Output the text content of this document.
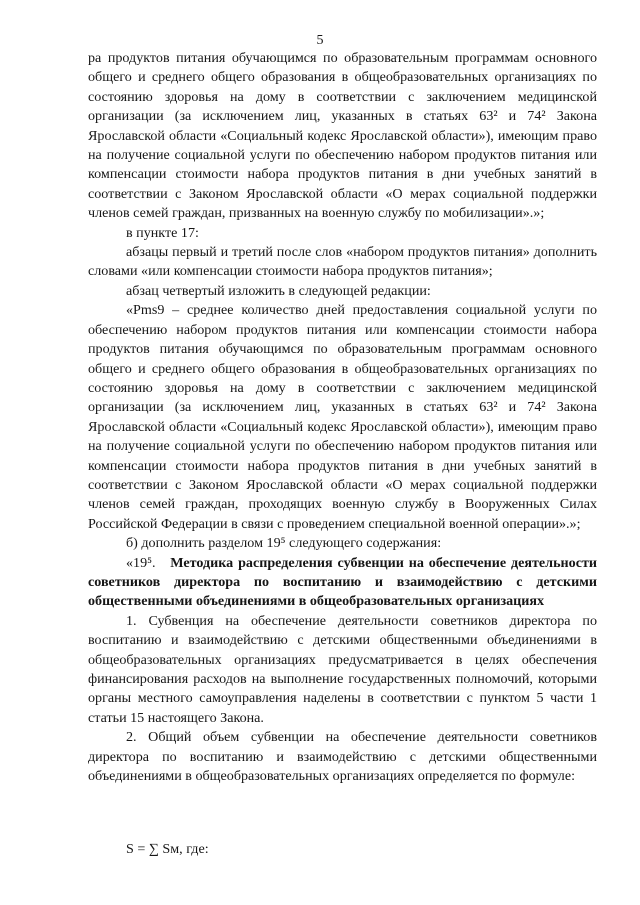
5

ра продуктов питания обучающимся по образовательным программам основного общего и среднего общего образования в общеобразовательных организациях по состоянию здоровья на дому в соответствии с заключением медицинской организации (за исключением лиц, указанных в статьях 63² и 74² Закона Ярославской области «Социальный кодекс Ярославской области»), имеющим право на получение социальной услуги по обеспечению набором продуктов питания или компенсации стоимости набора продуктов питания в дни учебных занятий в соответствии с Законом Ярославской области «О мерах социальной поддержки членов семей граждан, призванных на военную службу по мобилизации».»;

в пункте 17:

абзацы первый и третий после слов «набором продуктов питания» дополнить словами «или компенсации стоимости набора продуктов питания»;

абзац четвертый изложить в следующей редакции:

«Pms9 – среднее количество дней предоставления социальной услуги по обеспечению набором продуктов питания или компенсации стоимости набора продуктов питания обучающимся по образовательным программам основного общего и среднего общего образования в общеобразовательных организациях по состоянию здоровья на дому в соответствии с заключением медицинской организации (за исключением лиц, указанных в статьях 63² и 74² Закона Ярославской области «Социальный кодекс Ярославской области»), имеющим право на получение социальной услуги по обеспечению набором продуктов питания или компенсации стоимости набора продуктов питания в дни учебных занятий в соответствии с Законом Ярославской области «О мерах социальной поддержки членов семей граждан, проходящих военную службу в Вооруженных Силах Российской Федерации в связи с проведением специальной военной операции».»;

б) дополнить разделом 19⁵ следующего содержания:

«19⁵. Методика распределения субвенции на обеспечение деятельности советников директора по воспитанию и взаимодействию с детскими общественными объединениями в общеобразовательных организациях

1. Субвенция на обеспечение деятельности советников директора по воспитанию и взаимодействию с детскими общественными объединениями в общеобразовательных организациях предусматривается в целях обеспечения финансирования расходов на выполнение государственных полномочий, которыми органы местного самоуправления наделены в соответствии с пунктом 5 части 1 статьи 15 настоящего Закона.

2. Общий объем субвенции на обеспечение деятельности советников директора по воспитанию и взаимодействию с детскими общественными объединениями в общеобразовательных организациях определяется по формуле:

S = ∑ Sм, где:
